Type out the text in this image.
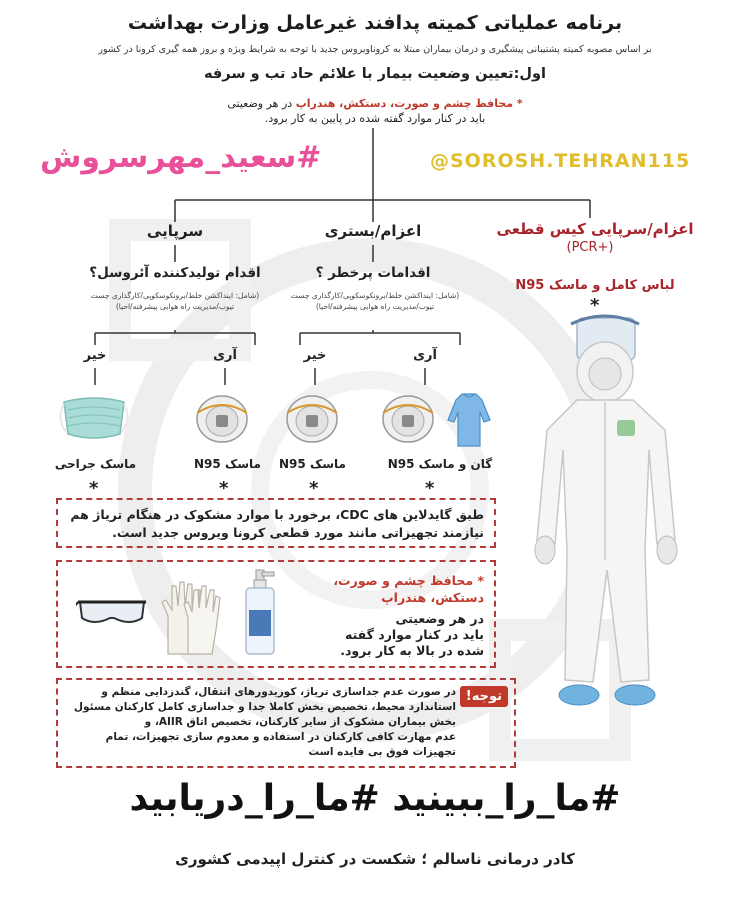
برنامه عملیاتی کمیته پدافند غیرعامل وزارت بهداشت
بر اساس مصوبه کمیته پشتیبانی پیشگیری و درمان بیماران مبتلا به کروناویروس جدید با توجه به شرایط ویژه و بروز همه گیری کرونا در کشور
اول:تعیین وضعیت بیمار با علائم حاد تب و سرفه
* محافظ چشم و صورت، دستکش، هندراپ در هر وضعیتی
باید در کنار موارد گفته شده در پایین به کار برود.
#سعید_مهرسروش	@SOROSH.TEHRAN115
سرپایی	اعزام/بستری	اعزام/سرپایی کیس قطعی
(+PCR)
لباس کامل و ماسک N95
*
اقدام تولیدکننده آئروسل؟
(شامل: اینداکشن خلط/برونکوسکوپی/کارگذاری چست
تیوب/مدیریت راه هوایی پیشرفته/احیا)
اقدامات پرخطر ؟
(شامل: اینداکشن خلط/برونکوسکوپی/کارگذاری چست
تیوب/مدیریت راه هوایی پیشرفته/احیا)
خیر	آری	خیر	آری
ماسک جراحی	ماسک N95	ماسک N95	گان و ماسک N95
*	*	*	*
طبق گایدلاین های CDC، برخورد با موارد مشکوک در هنگام تریاژ هم
نیازمند تجهیزاتی مانند مورد قطعی کرونا ویروس جدید است.
* محافظ چشم و صورت، دستکش، هندراپ
در هر وضعیتی
باید در کنار موارد گفته
شده در بالا به کار برود.
توجه!
در صورت عدم جداسازی تریاژ، کوریدورهای انتقال، گندزدایی منظم و
استاندارد محیط، تخصیص بخش کاملا جدا و جداسازی کامل کارکنان مسئول
بخش بیماران مشکوک از سایر کارکنان، تخصیص اتاق AIIR، و
عدم مهارت کافی کارکنان در استفاده و معدوم سازی تجهیزات، تمام
تجهیزات فوق بی فایده است
#ما_را_ببینید #ما_را_دریابید
کادر درمانی ناسالم ؛ شکست در کنترل اپیدمی کشوری
